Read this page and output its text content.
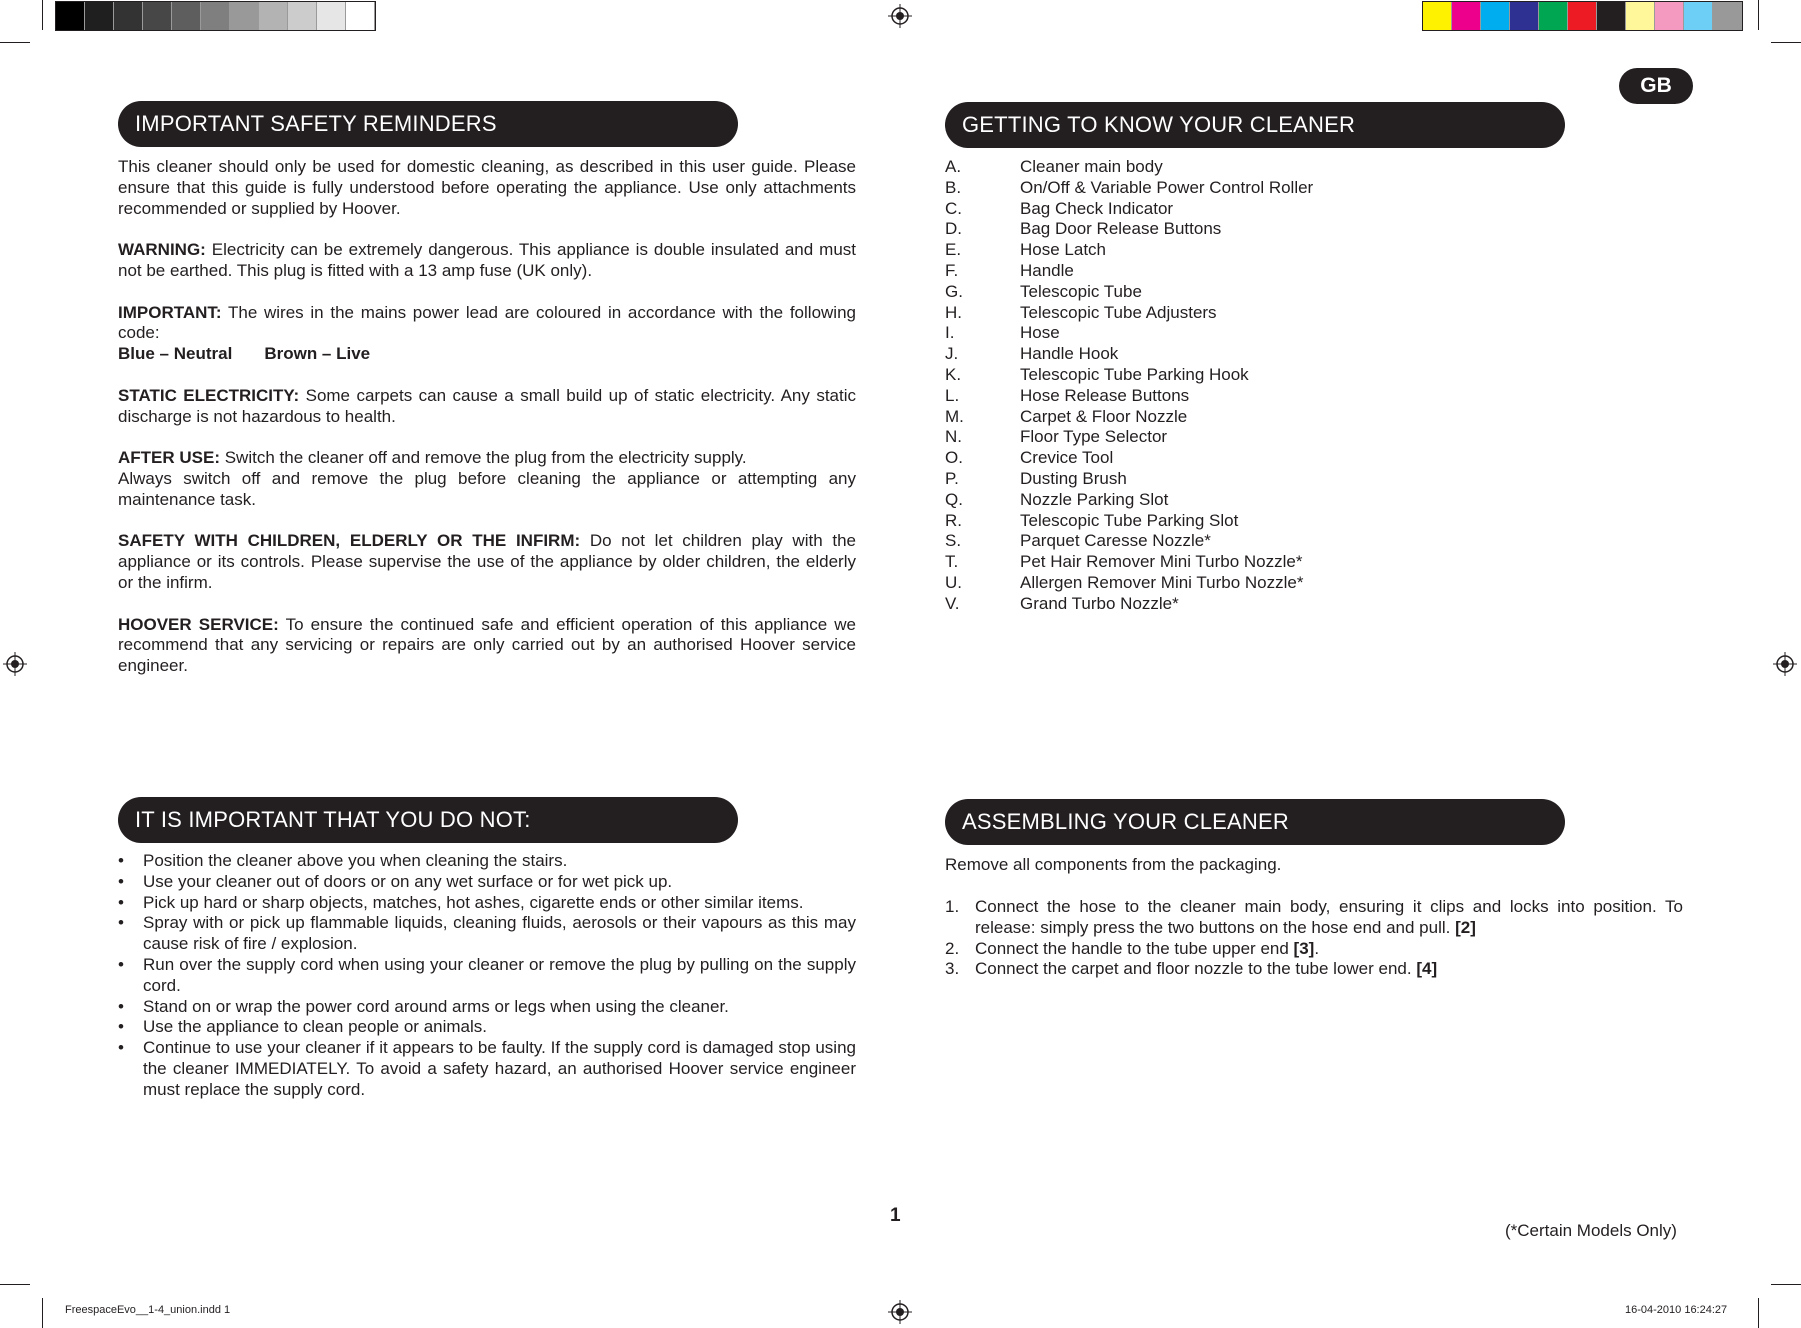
GB
IMPORTANT SAFETY REMINDERS

This cleaner should only be used for domestic cleaning, as described in this user guide. Please ensure that this guide is fully understood before operating the appliance. Use only attachments recommended or supplied by Hoover.

WARNING: Electricity can be extremely dangerous. This appliance is double insulated and must not be earthed. This plug is fitted with a 13 amp fuse (UK only).

IMPORTANT: The wires in the mains power lead are coloured in accordance with the following code:

Blue – Neutral Brown – Live

STATIC ELECTRICITY: Some carpets can cause a small build up of static electricity. Any static discharge is not hazardous to health.

AFTER USE: Switch the cleaner off and remove the plug from the electricity supply.

Always switch off and remove the plug before cleaning the appliance or attempting any maintenance task.

SAFETY WITH CHILDREN, ELDERLY OR THE INFIRM: Do not let children play with the appliance or its controls. Please supervise the use of the appliance by older children, the elderly or the infirm.

HOOVER SERVICE: To ensure the continued safe and efficient operation of this appliance we recommend that any servicing or repairs are only carried out by an authorised Hoover service engineer.

GETTING TO KNOW YOUR CLEANER
A.	Cleaner main body
B.	On/Off & Variable Power Control Roller
C.	Bag Check Indicator
D.	Bag Door Release Buttons
E.	Hose Latch
F.	Handle
G.	Telescopic Tube
H.	Telescopic Tube Adjusters
I.	Hose
J.	Handle Hook
K.	Telescopic Tube Parking Hook
L.	Hose Release Buttons
M.	Carpet & Floor Nozzle
N.	Floor Type Selector
O.	Crevice Tool
P.	Dusting Brush
Q.	Nozzle Parking Slot
R.	Telescopic Tube Parking Slot
S.	Parquet Caresse Nozzle*
T.	Pet Hair Remover Mini Turbo Nozzle*
U.	Allergen Remover Mini Turbo Nozzle*
V.	Grand Turbo Nozzle*
IT IS IMPORTANT THAT YOU DO NOT:
• Position the cleaner above you when cleaning the stairs.
• Use your cleaner out of doors or on any wet surface or for wet pick up.
• Pick up hard or sharp objects, matches, hot ashes, cigarette ends or other similar items.
• Spray with or pick up flammable liquids, cleaning fluids, aerosols or their vapours as this may cause risk of fire / explosion.
• Run over the supply cord when using your cleaner or remove the plug by pulling on the supply cord.
• Stand on or wrap the power cord around arms or legs when using the cleaner.
• Use the appliance to clean people or animals.
• Continue to use your cleaner if it appears to be faulty. If the supply cord is damaged stop using the cleaner IMMEDIATELY. To avoid a safety hazard, an authorised Hoover service engineer must replace the supply cord.
ASSEMBLING YOUR CLEANER
Remove all components from the packaging.
1. Connect the hose to the cleaner main body, ensuring it clips and locks into position. To release: simply press the two buttons on the hose end and pull. [2]
2. Connect the handle to the tube upper end [3].
3. Connect the carpet and floor nozzle to the tube lower end. [4]
1
(*Certain Models Only)
FreespaceEvo__1-4_union.indd 1	16-04-2010 16:24:27
